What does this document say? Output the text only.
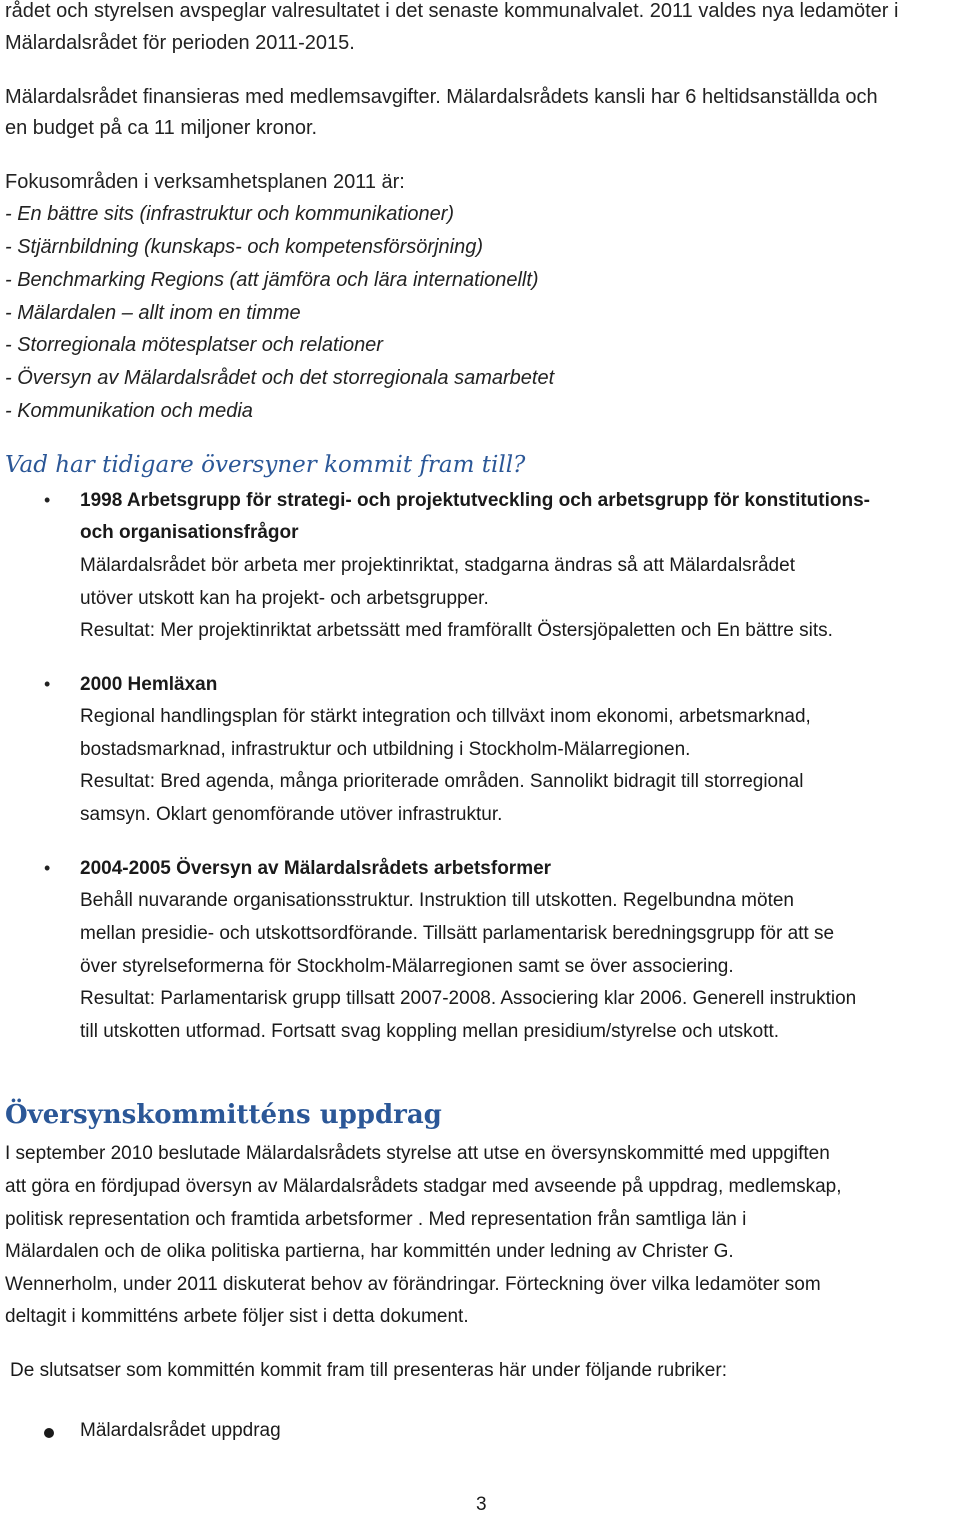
rådet och styrelsen avspeglar valresultatet i det senaste kommunalvalet. 2011 valdes nya ledamöter i
Mälardalsrådet för perioden 2011-2015.
Mälardalsrådet finansieras med medlemsavgifter. Mälardalsrådets kansli har 6 heltidsanställda och
en budget på ca 11 miljoner kronor.
Fokusområden i verksamhetsplanen 2011 är:
- En bättre sits (infrastruktur och kommunikationer)
- Stjärnbildning (kunskaps- och kompetensförsörjning)
- Benchmarking Regions (att jämföra och lära internationellt)
- Mälardalen – allt inom en timme
- Storregionala mötesplatser och relationer
- Översyn av Mälardalsrådet och det storregionala samarbetet
- Kommunikation och media
Vad har tidigare översyner kommit fram till?
• 1998 Arbetsgrupp för strategi- och projektutveckling och arbetsgrupp för konstitutions-
och organisationsfrågor
Mälardalsrådet bör arbeta mer projektinriktat, stadgarna ändras så att Mälardalsrådet
utöver utskott kan ha projekt- och arbetsgrupper.
Resultat: Mer projektinriktat arbetssätt med framförallt Östersjöpaletten och En bättre sits.
• 2000 Hemläxan
Regional handlingsplan för stärkt integration och tillväxt inom ekonomi, arbetsmarknad,
bostadsmarknad, infrastruktur och utbildning i Stockholm-Mälarregionen.
Resultat: Bred agenda, många prioriterade områden. Sannolikt bidragit till storregional
samsyn. Oklart genomförande utöver infrastruktur.
• 2004-2005 Översyn av Mälardalsrådets arbetsformer
Behåll nuvarande organisationsstruktur. Instruktion till utskotten. Regelbundna möten
mellan presidie- och utskottsordförande. Tillsätt parlamentarisk beredningsgrupp för att se
över styrelseformerna för Stockholm-Mälarregionen samt se över associering.
Resultat: Parlamentarisk grupp tillsatt 2007-2008. Associering klar 2006. Generell instruktion
till utskotten utformad. Fortsatt svag koppling mellan presidium/styrelse och utskott.
Översynskommitténs uppdrag
I september 2010 beslutade Mälardalsrådets styrelse att utse en översynskommitté med uppgiften
att göra en fördjupad översyn av Mälardalsrådets stadgar med avseende på uppdrag, medlemskap,
politisk representation och framtida arbetsformer . Med representation från samtliga län i
Mälardalen och de olika politiska partierna, har kommittén under ledning av Christer G.
Wennerholm, under 2011 diskuterat behov av förändringar. Förteckning över vilka ledamöter som
deltagit i kommitténs arbete följer sist i detta dokument.
De slutsatser som kommittén kommit fram till presenteras här under följande rubriker:
Mälardalsrådet uppdrag
3
